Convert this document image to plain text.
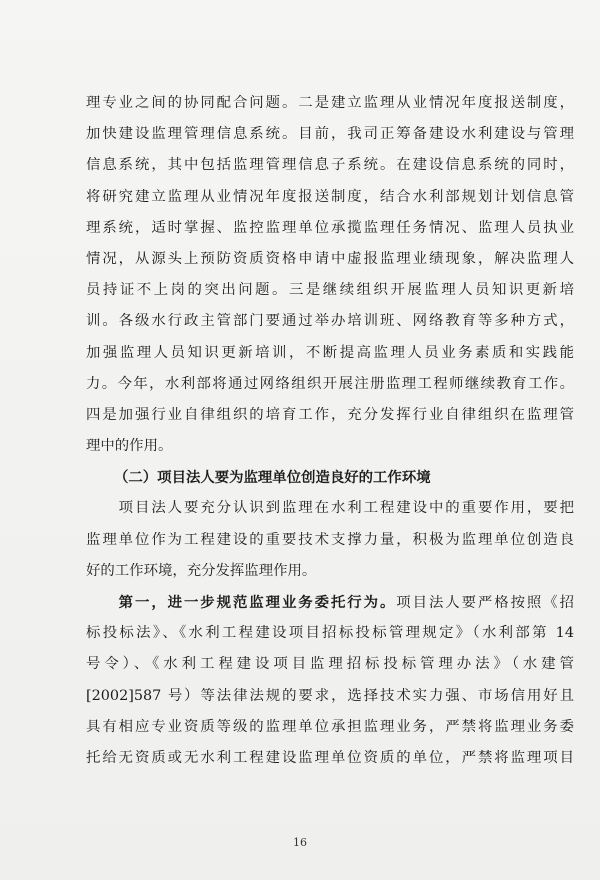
理专业之间的协同配合问题。二是建立监理从业情况年度报送制度，
加快建设监理管理信息系统。目前，我司正筹备建设水利建设与管理
信息系统，其中包括监理管理信息子系统。在建设信息系统的同时，
将研究建立监理从业情况年度报送制度，结合水利部规划计划信息管
理系统，适时掌握、监控监理单位承揽监理任务情况、监理人员执业
情况，从源头上预防资质资格申请中虚报监理业绩现象，解决监理人
员持证不上岗的突出问题。三是继续组织开展监理人员知识更新培
训。各级水行政主管部门要通过举办培训班、网络教育等多种方式，
加强监理人员知识更新培训，不断提高监理人员业务素质和实践能
力。今年，水利部将通过网络组织开展注册监理工程师继续教育工作。
四是加强行业自律组织的培育工作，充分发挥行业自律组织在监理管
理中的作用。
（二）项目法人要为监理单位创造良好的工作环境
　　项目法人要充分认识到监理在水利工程建设中的重要作用，要把
监理单位作为工程建设的重要技术支撑力量，积极为监理单位创造良
好的工作环境，充分发挥监理作用。
　　第一，进一步规范监理业务委托行为。项目法人要严格按照《招
标投标法》、《水利工程建设项目招标投标管理规定》（水利部第 14
号令）、《水利工程建设项目监理招标投标管理办法》（水建管
[2002]587 号）等法律法规的要求，选择技术实力强、市场信用好且
具有相应专业资质等级的监理单位承担监理业务，严禁将监理业务委
托给无资质或无水利工程建设监理单位资质的单位，严禁将监理项目
16
